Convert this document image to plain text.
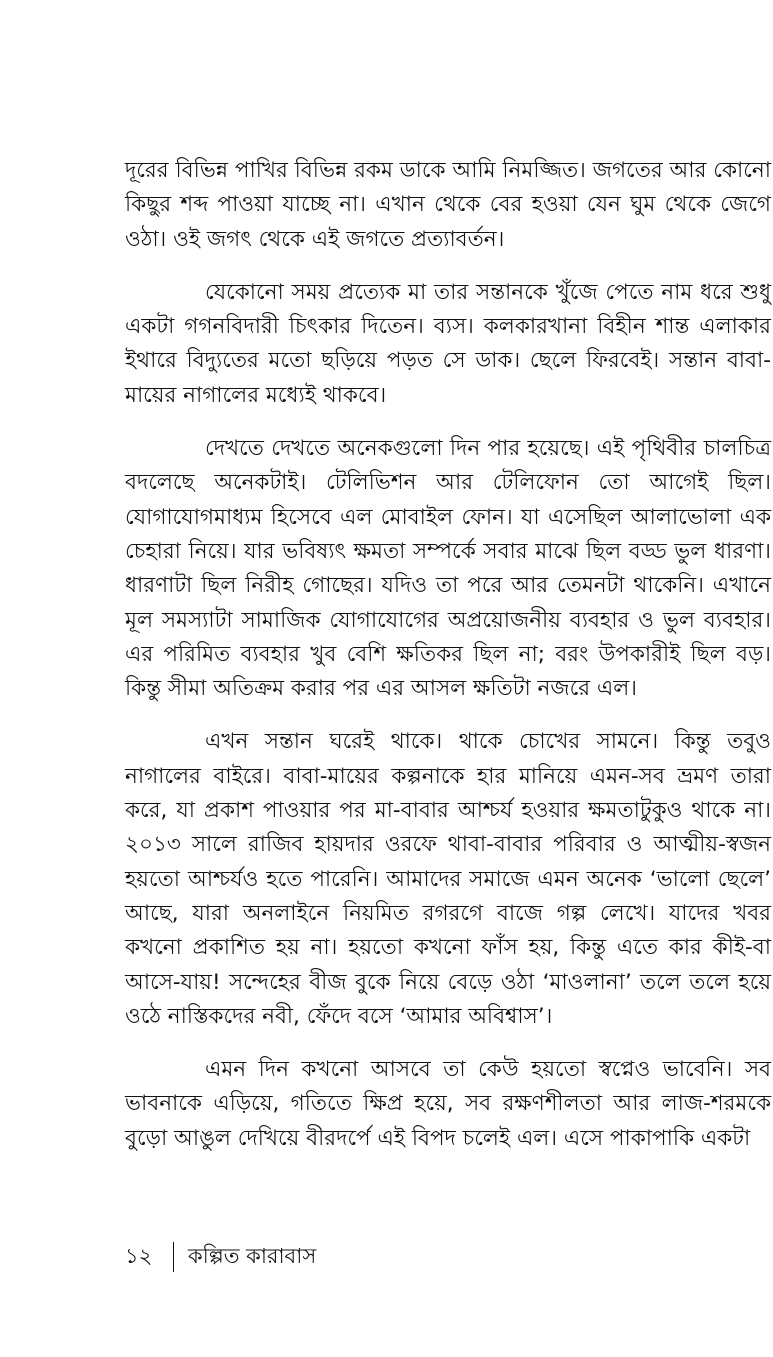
দূরের বিভিন্ন পাখির বিভিন্ন রকম ডাকে আমি নিমজ্জিত। জগতের আর কোনো কিছুর শব্দ পাওয়া যাচ্ছে না। এখান থেকে বের হওয়া যেন ঘুম থেকে জেগে ওঠা। ওই জগৎ থেকে এই জগতে প্রত্যাবর্তন।

যেকোনো সময় প্রত্যেক মা তার সন্তানকে খুঁজে পেতে নাম ধরে শুধু একটা গগনবিদারী চিৎকার দিতেন। ব্যস। কলকারখানা বিহীন শান্ত এলাকার ইথারে বিদ্যুতের মতো ছড়িয়ে পড়ত সে ডাক। ছেলে ফিরবেই। সন্তান বাবা-মায়ের নাগালের মধ্যেই থাকবে।

দেখতে দেখতে অনেকগুলো দিন পার হয়েছে। এই পৃথিবীর চালচিত্র বদলেছে অনেকটাই। টেলিভিশন আর টেলিফোন তো আগেই ছিল। যোগাযোগমাধ্যম হিসেবে এল মোবাইল ফোন। যা এসেছিল আলাভোলা এক চেহারা নিয়ে। যার ভবিষ্যৎ ক্ষমতা সম্পর্কে সবার মাঝে ছিল বড্ড ভুল ধারণা। ধারণাটা ছিল নিরীহ গোছের। যদিও তা পরে আর তেমনটা থাকেনি। এখানে মূল সমস্যাটা সামাজিক যোগাযোগের অপ্রয়োজনীয় ব্যবহার ও ভুল ব্যবহার। এর পরিমিত ব্যবহার খুব বেশি ক্ষতিকর ছিল না; বরং উপকারীই ছিল বড়। কিন্তু সীমা অতিক্রম করার পর এর আসল ক্ষতিটা নজরে এল।

এখন সন্তান ঘরেই থাকে। থাকে চোখের সামনে। কিন্তু তবুও নাগালের বাইরে। বাবা-মায়ের কল্পনাকে হার মানিয়ে এমন-সব ভ্রমণ তারা করে, যা প্রকাশ পাওয়ার পর মা-বাবার আশ্চর্য হওয়ার ক্ষমতাটুকুও থাকে না। ২০১৩ সালে রাজিব হায়দার ওরফে থাবা-বাবার পরিবার ও আত্মীয়-স্বজন হয়তো আশ্চর্যও হতে পারেনি। আমাদের সমাজে এমন অনেক ‘ভালো ছেলে’ আছে, যারা অনলাইনে নিয়মিত রগরগে বাজে গল্প লেখে। যাদের খবর কখনো প্রকাশিত হয় না। হয়তো কখনো ফাঁস হয়, কিন্তু এতে কার কীই-বা আসে-যায়! সন্দেহের বীজ বুকে নিয়ে বেড়ে ওঠা ‘মাওলানা’ তলে তলে হয়ে ওঠে নাস্তিকদের নবী, ফেঁদে বসে ‘আমার অবিশ্বাস’।

এমন দিন কখনো আসবে তা কেউ হয়তো স্বপ্নেও ভাবেনি। সব ভাবনাকে এড়িয়ে, গতিতে ক্ষিপ্র হয়ে, সব রক্ষণশীলতা আর লাজ-শরমকে বুড়ো আঙুল দেখিয়ে বীরদর্পে এই বিপদ চলেই এল। এসে পাকাপাকি একটা

১২	কল্পিত কারাবাস
